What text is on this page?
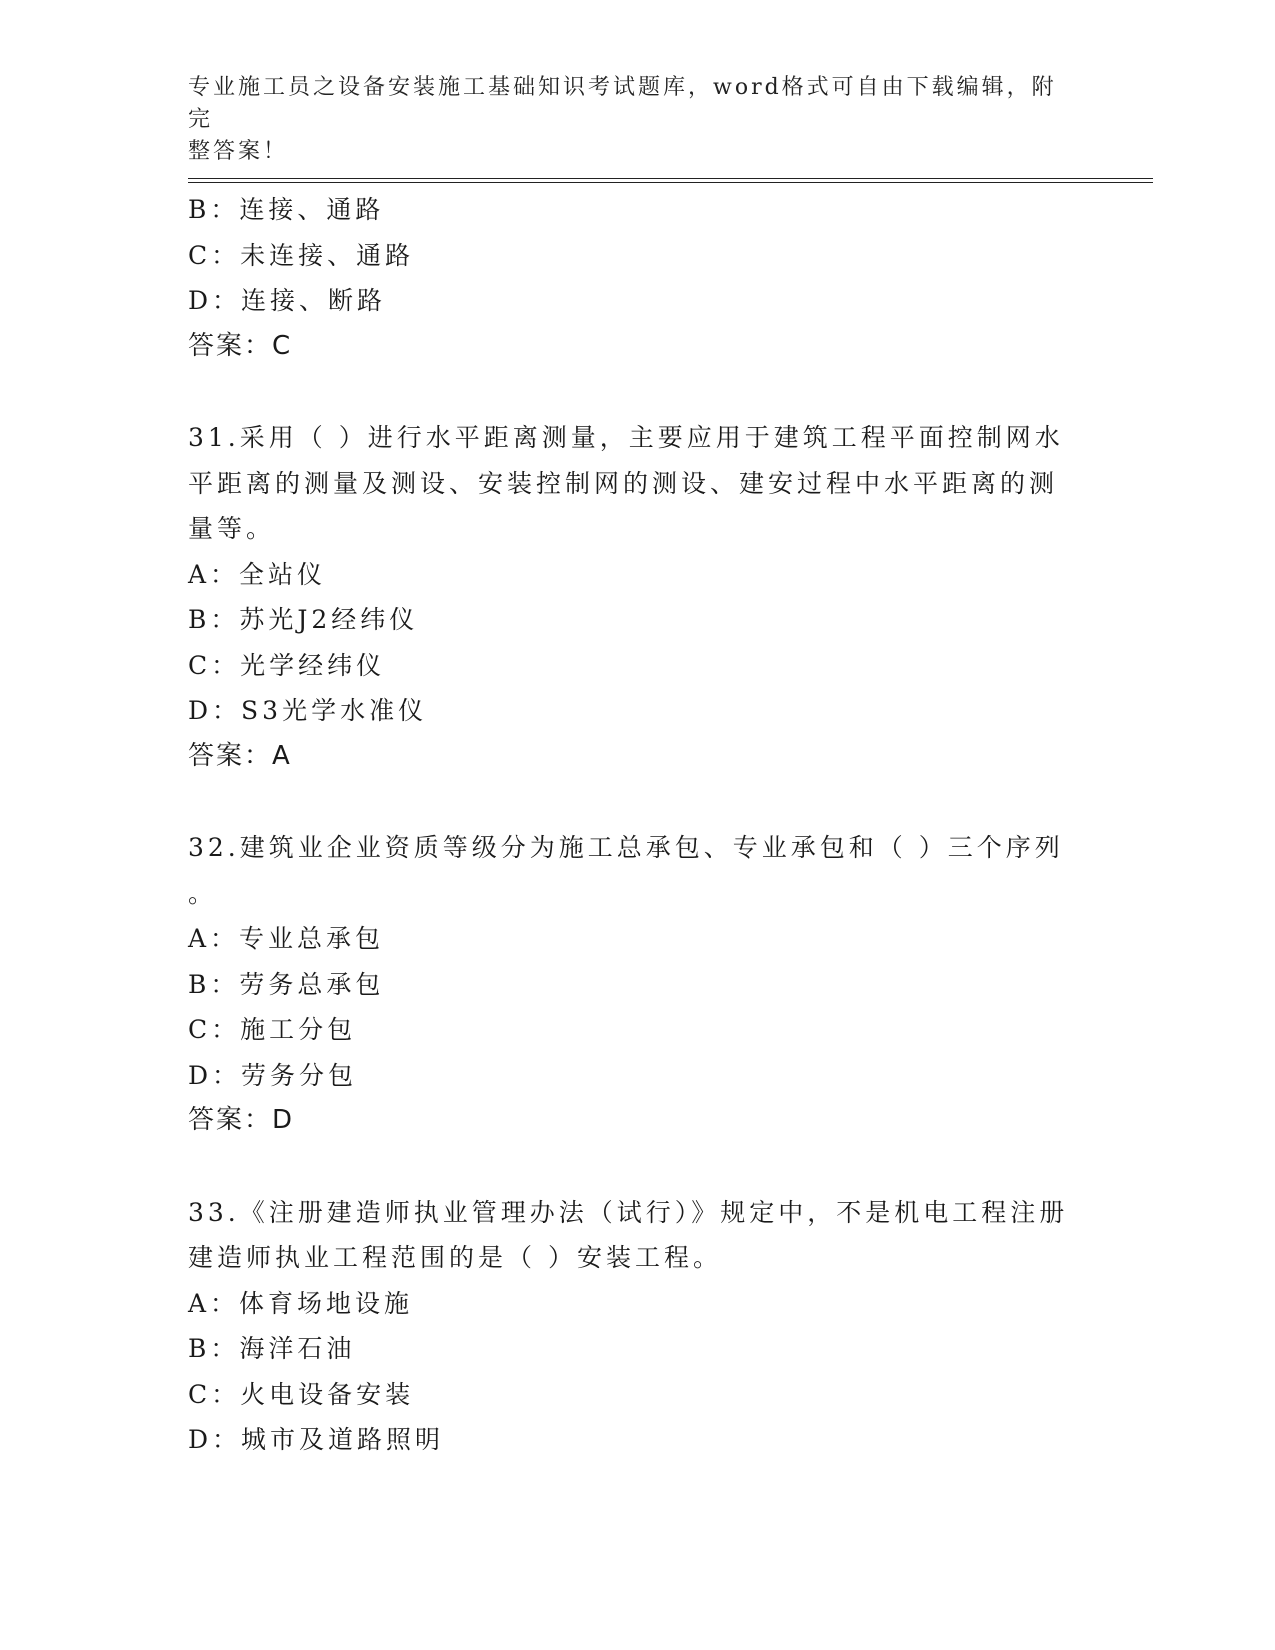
专业施工员之设备安装施工基础知识考试题库，word格式可自由下载编辑，附完
整答案！
B：连接、通路
C：未连接、通路
D：连接、断路
答案：C
31.采用（ ）进行水平距离测量，主要应用于建筑工程平面控制网水
平距离的测量及测设、安装控制网的测设、建安过程中水平距离的测
量等。
A：全站仪
B：苏光J2经纬仪
C：光学经纬仪
D：S3光学水准仪
答案：A
32.建筑业企业资质等级分为施工总承包、专业承包和（ ）三个序列
。
A：专业总承包
B：劳务总承包
C：施工分包
D：劳务分包
答案：D
33.《注册建造师执业管理办法（试行）》规定中，不是机电工程注册
建造师执业工程范围的是（ ）安装工程。
A：体育场地设施
B：海洋石油
C：火电设备安装
D：城市及道路照明
